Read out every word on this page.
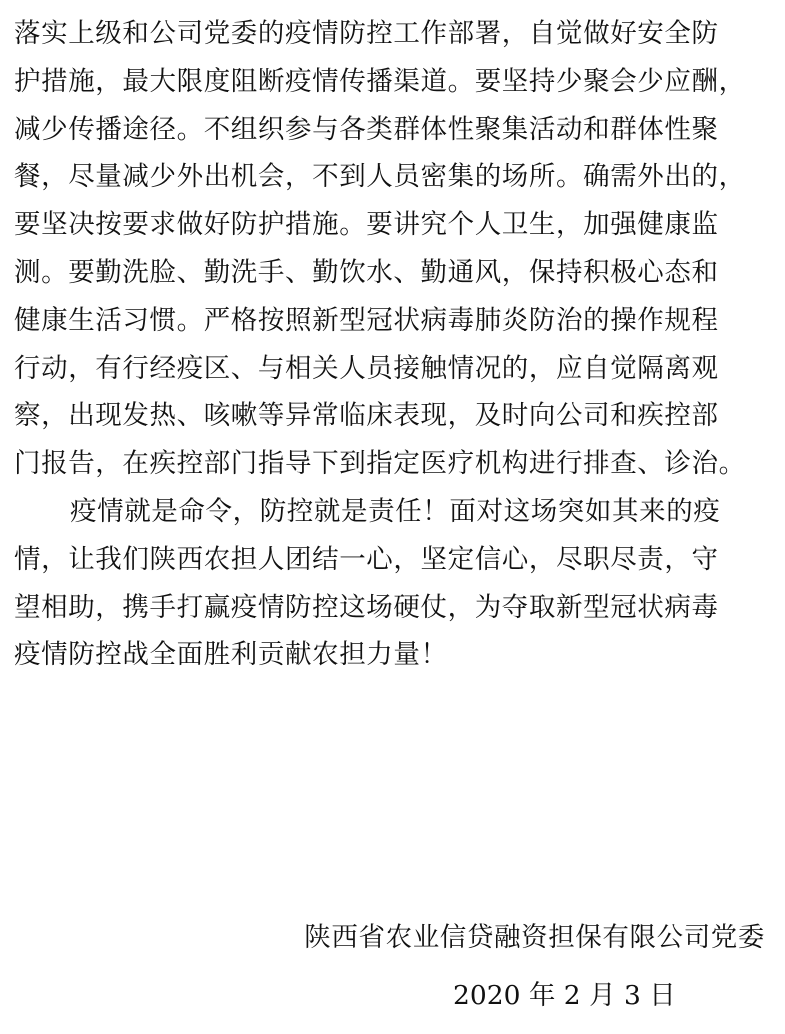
落实上级和公司党委的疫情防控工作部署，自觉做好安全防
护措施，最大限度阻断疫情传播渠道。要坚持少聚会少应酬，
减少传播途径。不组织参与各类群体性聚集活动和群体性聚
餐，尽量减少外出机会，不到人员密集的场所。确需外出的，
要坚决按要求做好防护措施。要讲究个人卫生，加强健康监
测。要勤洗脸、勤洗手、勤饮水、勤通风，保持积极心态和
健康生活习惯。严格按照新型冠状病毒肺炎防治的操作规程
行动，有行经疫区、与相关人员接触情况的，应自觉隔离观
察，出现发热、咳嗽等异常临床表现，及时向公司和疾控部
门报告，在疾控部门指导下到指定医疗机构进行排查、诊治。
疫情就是命令，防控就是责任！面对这场突如其来的疫
情，让我们陕西农担人团结一心，坚定信心，尽职尽责，守
望相助，携手打赢疫情防控这场硬仗，为夺取新型冠状病毒
疫情防控战全面胜利贡献农担力量！
陕西省农业信贷融资担保有限公司党委
2020 年 2 月 3 日
